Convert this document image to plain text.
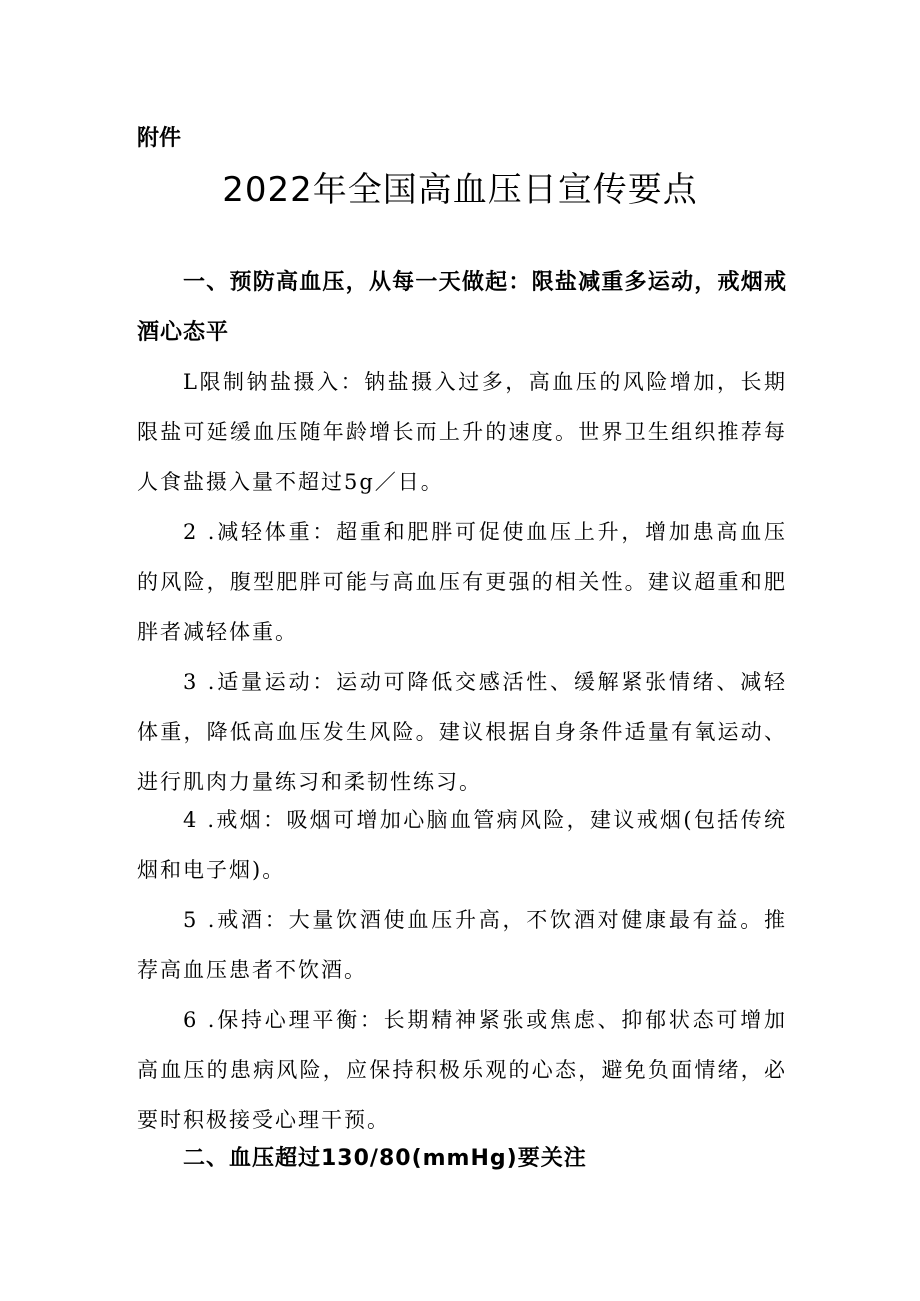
附件

2022年全国高血压日宣传要点

一、预防高血压，从每一天做起：限盐减重多运动，戒烟戒酒心态平

L限制钠盐摄入：钠盐摄入过多，高血压的风险增加，长期限盐可延缓血压随年龄增长而上升的速度。世界卫生组织推荐每人食盐摄入量不超过5g／日。

2 .减轻体重：超重和肥胖可促使血压上升，增加患高血压的风险，腹型肥胖可能与高血压有更强的相关性。建议超重和肥胖者减轻体重。

3 .适量运动：运动可降低交感活性、缓解紧张情绪、减轻体重，降低高血压发生风险。建议根据自身条件适量有氧运动、进行肌肉力量练习和柔韧性练习。

4 .戒烟：吸烟可增加心脑血管病风险，建议戒烟(包括传统烟和电子烟)。

5 .戒酒：大量饮酒使血压升高，不饮酒对健康最有益。推荐高血压患者不饮酒。

6 .保持心理平衡：长期精神紧张或焦虑、抑郁状态可增加高血压的患病风险，应保持积极乐观的心态，避免负面情绪，必要时积极接受心理干预。

二、血压超过130/80(mmHg)要关注
